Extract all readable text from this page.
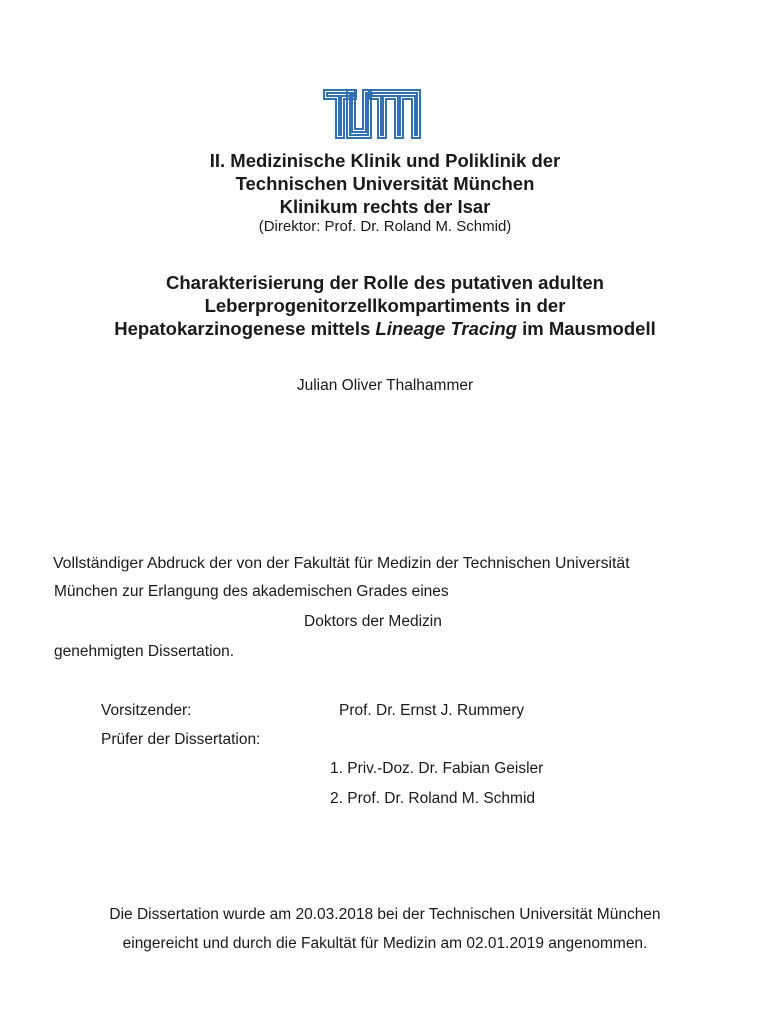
II. Medizinische Klinik und Poliklinik der
Technischen Universität München
Klinikum rechts der Isar
(Direktor: Prof. Dr. Roland M. Schmid)
Charakterisierung der Rolle des putativen adulten
Leberprogenitorzellkompartiments in der
Hepatokarzinogenese mittels Lineage Tracing im Mausmodell
Julian Oliver Thalhammer
Vollständiger Abdruck der von der Fakultät für Medizin der Technischen Universität
München zur Erlangung des akademischen Grades eines
Doktors der Medizin
genehmigten Dissertation.
Vorsitzender:	Prof. Dr. Ernst J. Rummery
Prüfer der Dissertation:
1. Priv.-Doz. Dr. Fabian Geisler
2. Prof. Dr. Roland M. Schmid
Die Dissertation wurde am 20.03.2018 bei der Technischen Universität München
eingereicht und durch die Fakultät für Medizin am 02.01.2019 angenommen.
